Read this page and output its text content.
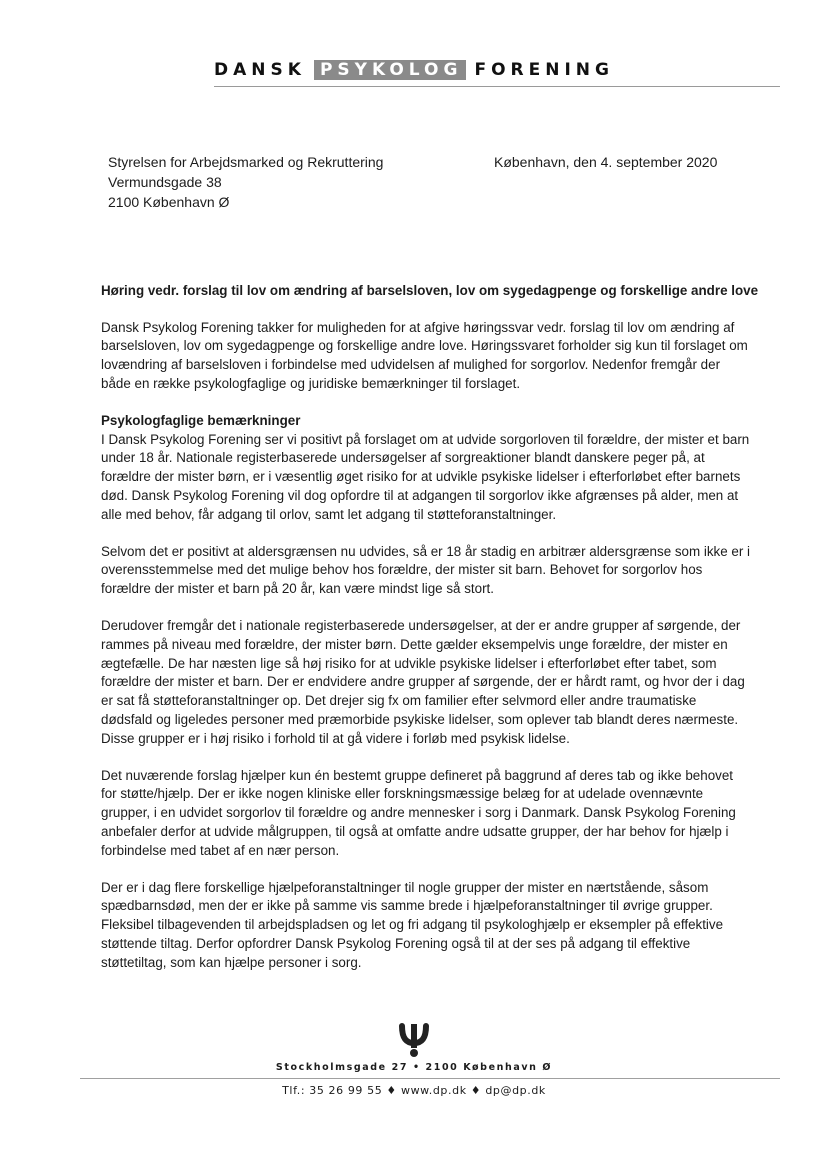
DANSK PSYKOLOG FORENING
Styrelsen for Arbejdsmarked og Rekruttering
Vermundsgade 38
2100 København Ø
København, den 4. september 2020

Høring vedr. forslag til lov om ændring af barselsloven, lov om sygedagpenge og forskellige andre love

Dansk Psykolog Forening takker for muligheden for at afgive høringssvar vedr. forslag til lov om ændring af barselsloven, lov om sygedagpenge og forskellige andre love. Høringssvaret forholder sig kun til forslaget om lovændring af barselsloven i forbindelse med udvidelsen af mulighed for sorgorlov. Nedenfor fremgår der både en række psykologfaglige og juridiske bemærkninger til forslaget.

Psykologfaglige bemærkninger

I Dansk Psykolog Forening ser vi positivt på forslaget om at udvide sorgorloven til forældre, der mister et barn under 18 år. Nationale registerbaserede undersøgelser af sorgreaktioner blandt danskere peger på, at forældre der mister børn, er i væsentlig øget risiko for at udvikle psykiske lidelser i efterforløbet efter barnets død. Dansk Psykolog Forening vil dog opfordre til at adgangen til sorgorlov ikke afgrænses på alder, men at alle med behov, får adgang til orlov, samt let adgang til støtteforanstaltninger.

Selvom det er positivt at aldersgrænsen nu udvides, så er 18 år stadig en arbitrær aldersgrænse som ikke er i overensstemmelse med det mulige behov hos forældre, der mister sit barn. Behovet for sorgorlov hos forældre der mister et barn på 20 år, kan være mindst lige så stort.

Derudover fremgår det i nationale registerbaserede undersøgelser, at der er andre grupper af sørgende, der rammes på niveau med forældre, der mister børn. Dette gælder eksempelvis unge forældre, der mister en ægtefælle. De har næsten lige så høj risiko for at udvikle psykiske lidelser i efterforløbet efter tabet, som forældre der mister et barn. Der er endvidere andre grupper af sørgende, der er hårdt ramt, og hvor der i dag er sat få støtteforanstaltninger op. Det drejer sig fx om familier efter selvmord eller andre traumatiske dødsfald og ligeledes personer med præmorbide psykiske lidelser, som oplever tab blandt deres nærmeste. Disse grupper er i høj risiko i forhold til at gå videre i forløb med psykisk lidelse.

Det nuværende forslag hjælper kun én bestemt gruppe defineret på baggrund af deres tab og ikke behovet for støtte/hjælp. Der er ikke nogen kliniske eller forskningsmæssige belæg for at udelade ovennævnte grupper, i en udvidet sorgorlov til forældre og andre mennesker i sorg i Danmark. Dansk Psykolog Forening anbefaler derfor at udvide målgruppen, til også at omfatte andre udsatte grupper, der har behov for hjælp i forbindelse med tabet af en nær person.

Der er i dag flere forskellige hjælpeforanstaltninger til nogle grupper der mister en nærtstående, såsom spædbarnsdød, men der er ikke på samme vis samme brede i hjælpeforanstaltninger til øvrige grupper. Fleksibel tilbagevenden til arbejdspladsen og let og fri adgang til psykologhjælp er eksempler på effektive støttende tiltag. Derfor opfordrer Dansk Psykolog Forening også til at der ses på adgang til effektive støttetiltag, som kan hjælpe personer i sorg.

Stockholmsgade 27 • 2100 København Ø
Tlf.: 35 26 99 55 ♦ www.dp.dk ♦ dp@dp.dk
